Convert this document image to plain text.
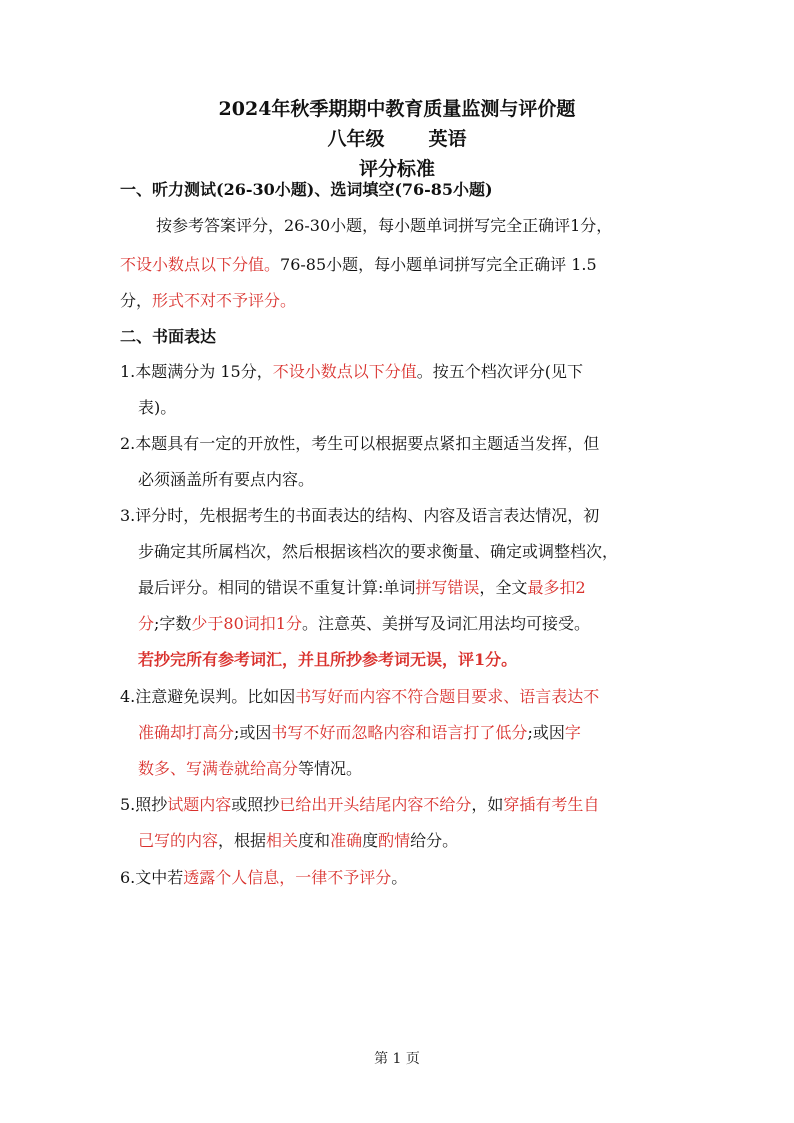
2024年秋季期期中教育质量监测与评价题
八年级 英语
评分标准
一、听力测试(26-30小题)、选词填空(76-85小题)
按参考答案评分，26-30小题，每小题单词拼写完全正确评1分，
不设小数点以下分值。76-85小题，每小题单词拼写完全正确评 1.5
分，形式不对不予评分。
二、书面表达
1.本题满分为 15分，不设小数点以下分值。按五个档次评分(见下
表)。
2.本题具有一定的开放性，考生可以根据要点紧扣主题适当发挥，但
必须涵盖所有要点内容。
3.评分时，先根据考生的书面表达的结构、内容及语言表达情况，初
步确定其所属档次，然后根据该档次的要求衡量、确定或调整档次，
最后评分。相同的错误不重复计算:单词拼写错误，全文最多扣2
分;字数少于80词扣1分。注意英、美拼写及词汇用法均可接受。
若抄完所有参考词汇，并且所抄参考词无误，评1分。
4.注意避免误判。比如因书写好而内容不符合题目要求、语言表达不
准确却打高分;或因书写不好而忽略内容和语言打了低分;或因字
数多、写满卷就给高分等情况。
5.照抄试题内容或照抄已给出开头结尾内容不给分，如穿插有考生自
己写的内容，根据相关度和准确度酌情给分。
6.文中若透露个人信息，一律不予评分。
第 1 页
